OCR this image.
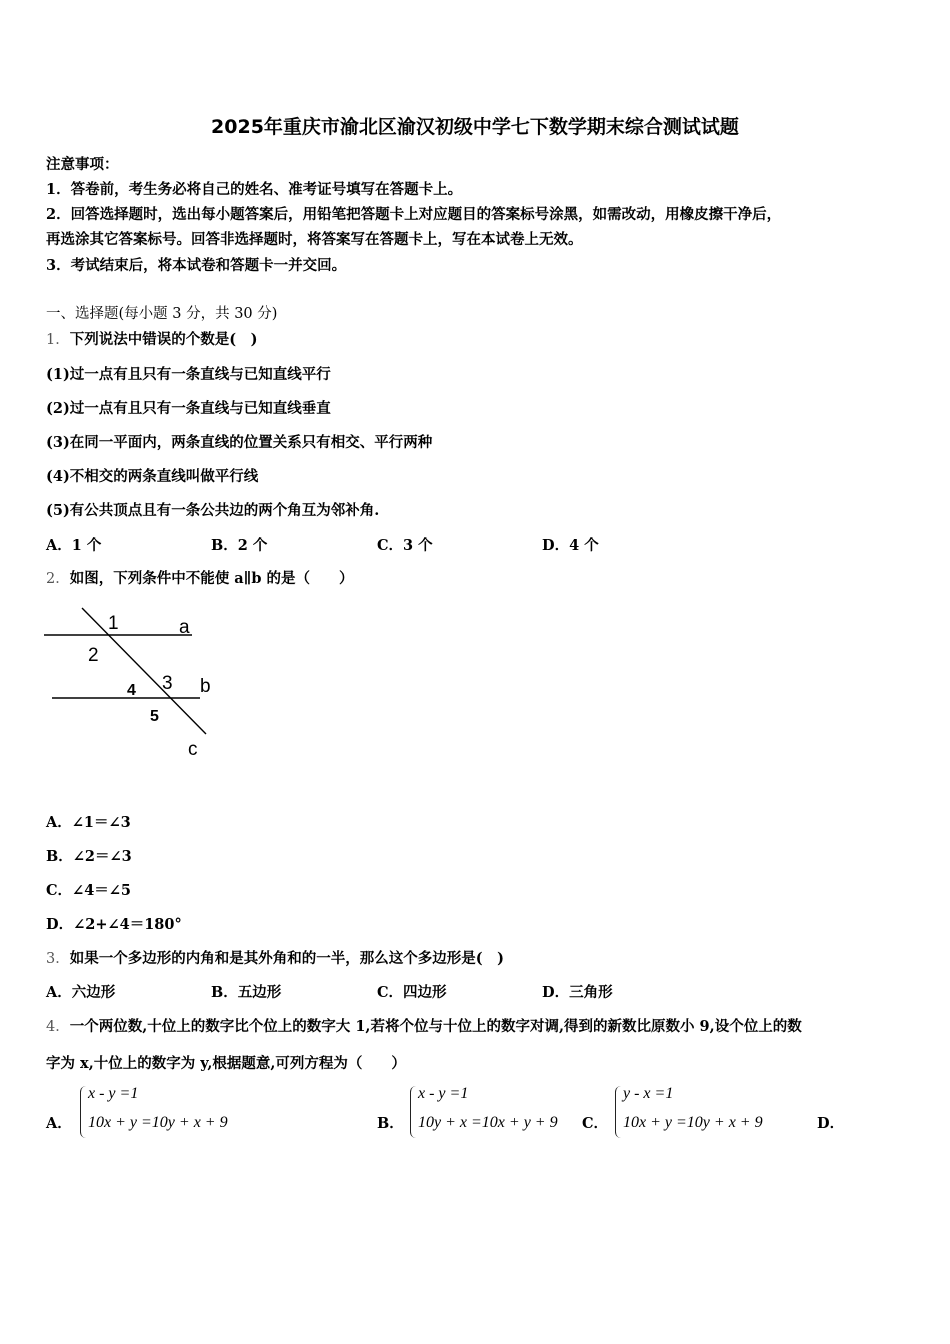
2025年重庆市渝北区渝汉初级中学七下数学期末综合测试试题
注意事项：
1．答卷前，考生务必将自己的姓名、准考证号填写在答题卡上。
2．回答选择题时，选出每小题答案后，用铅笔把答题卡上对应题目的答案标号涂黑，如需改动，用橡皮擦干净后，
再选涂其它答案标号。回答非选择题时，将答案写在答题卡上，写在本试卷上无效。
3．考试结束后，将本试卷和答题卡一并交回。
一、选择题(每小题 3 分，共 30 分)
1．下列说法中错误的个数是(　)
(1)过一点有且只有一条直线与已知直线平行
(2)过一点有且只有一条直线与已知直线垂直
(3)在同一平面内，两条直线的位置关系只有相交、平行两种
(4)不相交的两条直线叫做平行线
(5)有公共顶点且有一条公共边的两个角互为邻补角.
A．1 个	B．2 个	C．3 个	D．4 个
2．如图，下列条件中不能使 a∥b 的是（　　）
1	a
2
4 3 b
5
c
A．∠1＝∠3
B．∠2＝∠3
C．∠4＝∠5
D．∠2+∠4＝180°
3．如果一个多边形的内角和是其外角和的一半，那么这个多边形是(　)
A．六边形	B．五边形	C．四边形	D．三角形
4．一个两位数,十位上的数字比个位上的数字大 1,若将个位与十位上的数字对调,得到的新数比原数小 9,设个位上的数
字为 x,十位上的数字为 y,根据题意,可列方程为（　　）
A．
x - y =1
10x + y =10y + x + 9	B．
x - y =1
10y + x =10x + y + 9 C．
y - x =1
10x + y =10y + x + 9	D．
